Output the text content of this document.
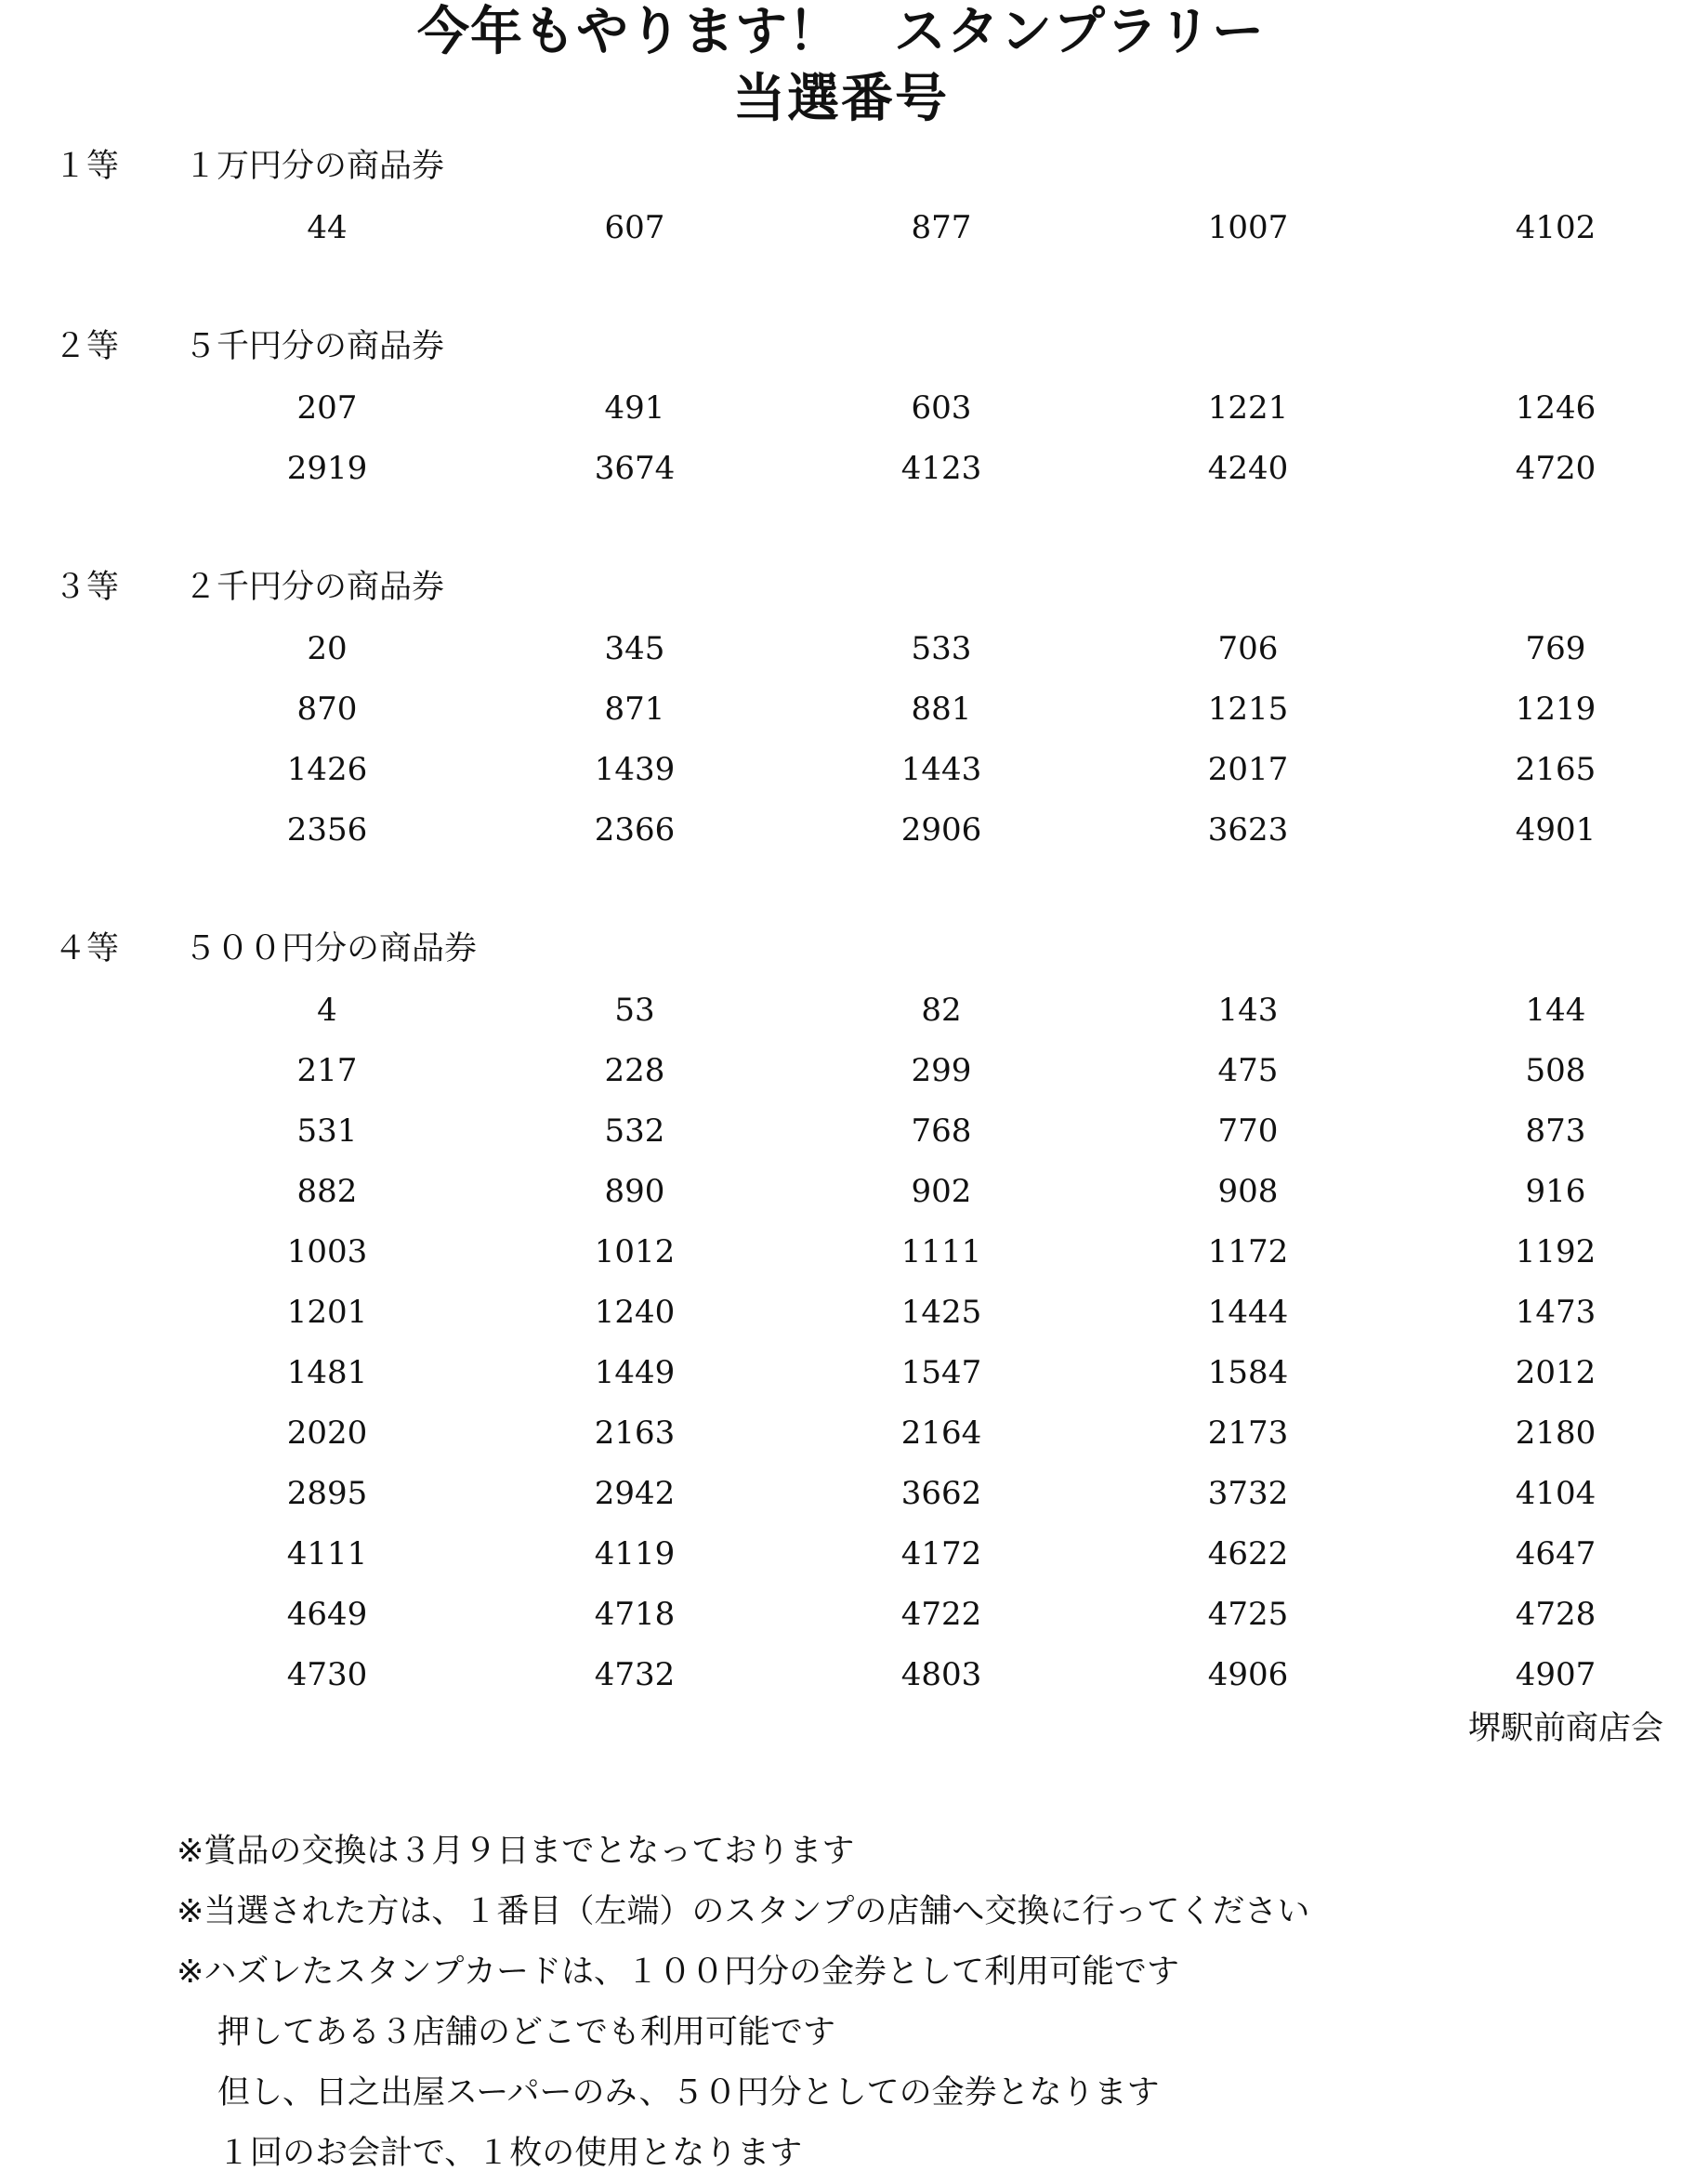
今年もやります！　スタンプラリー
当選番号
１等 １万円分の商品券
44	607	877	1007	4102
２等 ５千円分の商品券
207	491	603	1221	1246
2919	3674	4123	4240	4720
３等 ２千円分の商品券
20	345	533	706	769
870	871	881	1215	1219
1426	1439	1443	2017	2165
2356	2366	2906	3623	4901
４等 ５００円分の商品券
4	53	82	143	144
217	228	299	475	508
531	532	768	770	873
882	890	902	908	916
1003	1012	1111	1172	1192
1201	1240	1425	1444	1473
1481	1449	1547	1584	2012
2020	2163	2164	2173	2180
2895	2942	3662	3732	4104
4111	4119	4172	4622	4647
4649	4718	4722	4725	4728
4730	4732	4803	4906	4907
堺駅前商店会
※賞品の交換は３月９日までとなっております
※当選された方は、１番目（左端）のスタンプの店舗へ交換に行ってください
※ハズレたスタンプカードは、１００円分の金券として利用可能です
押してある３店舗のどこでも利用可能です
但し、日之出屋スーパーのみ、５０円分としての金券となります
１回のお会計で、１枚の使用となります
